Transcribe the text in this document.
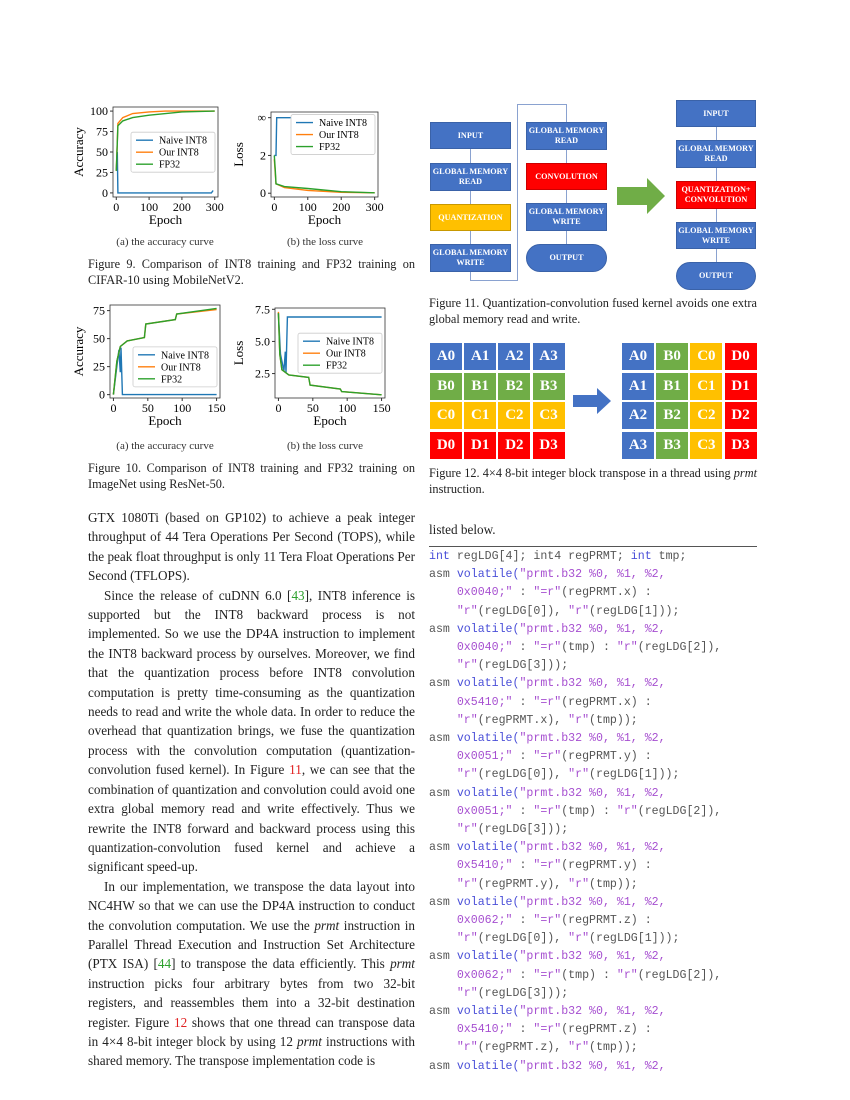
0 100 200 300
0
25
50
75
100
Epoch
Accuracy	Naive INT8
Our INT8
FP32
0 100 200 300
0
2
∞
Epoch
Loss
Naive INT8
Our INT8
FP32
(a) the accuracy curve	(b) the loss curve
Figure 9. Comparison of INT8 training and FP32 training on CIFAR-10 using MobileNetV2.
0 50 100 150
0
25
50
75
Epoch
Accuracy	Naive INT8
Our INT8
FP32
0 50 100 150
2.5
5.0
7.5
Epoch
Loss	Naive INT8
Our INT8
FP32
(a) the accuracy curve	(b) the loss curve
Figure 10. Comparison of INT8 training and FP32 training on ImageNet using ResNet-50.
INPUT
GLOBAL MEMORY READ
QUANTIZATION
GLOBAL MEMORY WRITE
GLOBAL MEMORY READ
CONVOLUTION
GLOBAL MEMORY WRITE
OUTPUT
INPUT
GLOBAL MEMORY READ
QUANTIZATION+ CONVOLUTION
GLOBAL MEMORY WRITE
OUTPUT
Figure 11. Quantization-convolution fused kernel avoids one extra global memory read and write.
A0	A1	A2	A3
B0	B1	B2	B3
C0	C1	C2	C3
D0	D1	D2	D3
A0	B0	C0	D0
A1	B1	C1	D1
A2	B2	C2	D2
A3	B3	C3	D3
Figure 12. 4×4 8-bit integer block transpose in a thread using prmt instruction.

GTX 1080Ti (based on GP102) to achieve a peak integer throughput of 44 Tera Operations Per Second (TOPS), while the peak float throughput is only 11 Tera Float Operations Per Second (TFLOPS).

Since the release of cuDNN 6.0 [43], INT8 inference is supported but the INT8 backward process is not implemented. So we use the DP4A instruction to implement the INT8 backward process by ourselves. Moreover, we find that the quantization process before INT8 convolution computation is pretty time-consuming as the quantization needs to read and write the whole data. In order to reduce the overhead that quantization brings, we fuse the quantization process with the convolution computation (quantization-convolution fused kernel). In Figure 11, we can see that the combination of quantization and convolution could avoid one extra global memory read and write effectively. Thus we rewrite the INT8 forward and backward process using this quantization-convolution fused kernel and achieve a significant speed-up.

In our implementation, we transpose the data layout into NC4HW so that we can use the DP4A instruction to conduct the convolution computation. We use the prmt instruction in Parallel Thread Execution and Instruction Set Architecture (PTX ISA) [44] to transpose the data efficiently. This prmt instruction picks four arbitrary bytes from two 32-bit registers, and reassembles them into a 32-bit destination register. Figure 12 shows that one thread can transpose data in 4×4 8-bit integer block by using 12 prmt instructions with shared memory. The transpose implementation code is

listed below.
int regLDG[4]; int4 regPRMT; int tmp;
asm volatile("prmt.b32 %0, %1, %2,
0x0040;" : "=r"(regPRMT.x) :
"r"(regLDG[0]), "r"(regLDG[1]));
asm volatile("prmt.b32 %0, %1, %2,
0x0040;" : "=r"(tmp) : "r"(regLDG[2]),
"r"(regLDG[3]));
asm volatile("prmt.b32 %0, %1, %2,
0x5410;" : "=r"(regPRMT.x) :
"r"(regPRMT.x), "r"(tmp));
asm volatile("prmt.b32 %0, %1, %2,
0x0051;" : "=r"(regPRMT.y) :
"r"(regLDG[0]), "r"(regLDG[1]));
asm volatile("prmt.b32 %0, %1, %2,
0x0051;" : "=r"(tmp) : "r"(regLDG[2]),
"r"(regLDG[3]));
asm volatile("prmt.b32 %0, %1, %2,
0x5410;" : "=r"(regPRMT.y) :
"r"(regPRMT.y), "r"(tmp));
asm volatile("prmt.b32 %0, %1, %2,
0x0062;" : "=r"(regPRMT.z) :
"r"(regLDG[0]), "r"(regLDG[1]));
asm volatile("prmt.b32 %0, %1, %2,
0x0062;" : "=r"(tmp) : "r"(regLDG[2]),
"r"(regLDG[3]));
asm volatile("prmt.b32 %0, %1, %2,
0x5410;" : "=r"(regPRMT.z) :
"r"(regPRMT.z), "r"(tmp));
asm volatile("prmt.b32 %0, %1, %2,
